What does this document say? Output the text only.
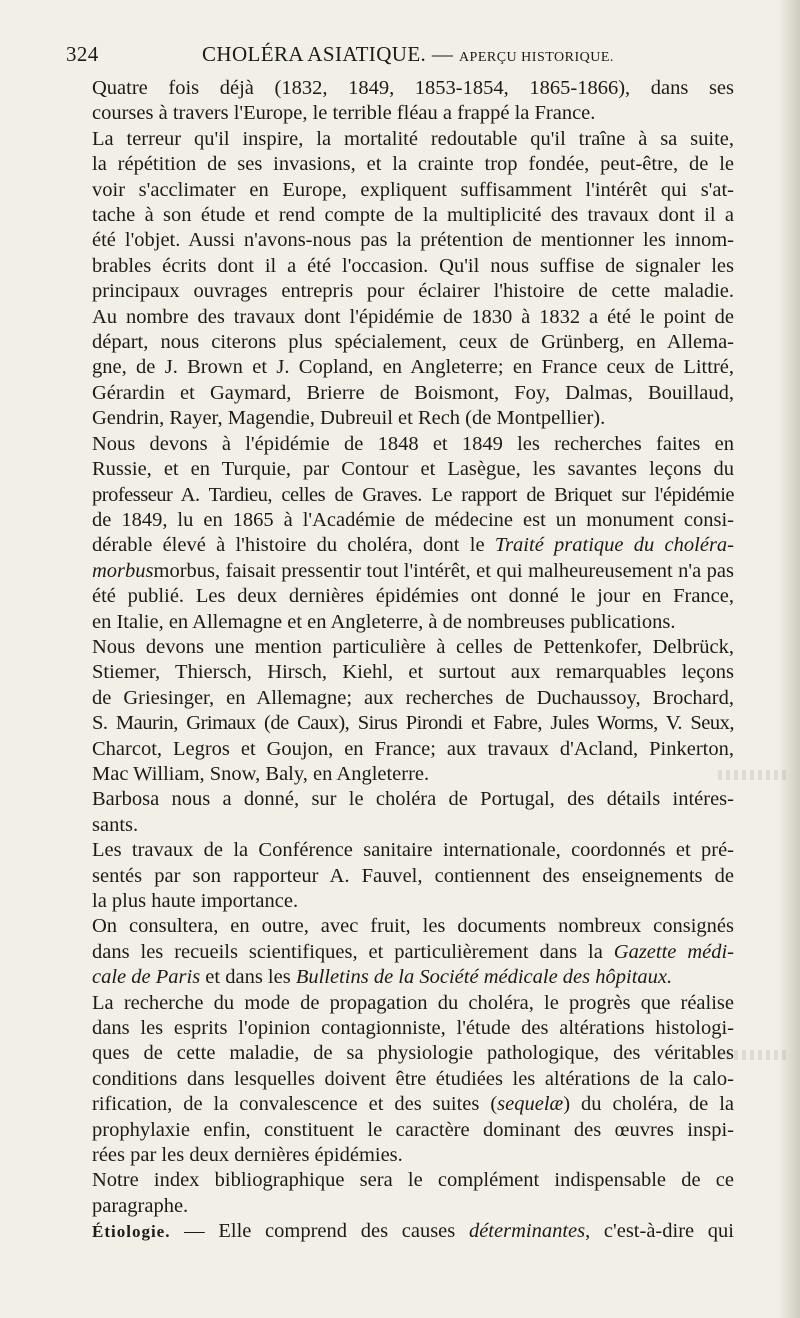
324	CHOLÉRA ASIATIQUE. — APERÇU HISTORIQUE.

Quatre fois déjà (1832, 1849, 1853-1854, 1865-1866), dans ses
courses à travers l'Europe, le terrible fléau a frappé la France.

La terreur qu'il inspire, la mortalité redoutable qu'il traîne à sa suite,
la répétition de ses invasions, et la crainte trop fondée, peut-être, de le
voir s'acclimater en Europe, expliquent suffisamment l'intérêt qui s'at-
tache à son étude et rend compte de la multiplicité des travaux dont il a
été l'objet. Aussi n'avons-nous pas la prétention de mentionner les innom-
brables écrits dont il a été l'occasion. Qu'il nous suffise de signaler les
principaux ouvrages entrepris pour éclairer l'histoire de cette maladie.
Au nombre des travaux dont l'épidémie de 1830 à 1832 a été le point de
départ, nous citerons plus spécialement, ceux de Grünberg, en Allema-
gne, de J. Brown et J. Copland, en Angleterre; en France ceux de Littré,
Gérardin et Gaymard, Brierre de Boismont, Foy, Dalmas, Bouillaud,
Gendrin, Rayer, Magendie, Dubreuil et Rech (de Montpellier).

Nous devons à l'épidémie de 1848 et 1849 les recherches faites en
Russie, et en Turquie, par Contour et Lasègue, les savantes leçons du
professeur A. Tardieu, celles de Graves. Le rapport de Briquet sur l'épidémie
de 1849, lu en 1865 à l'Académie de médecine est un monument consi-
dérable élevé à l'histoire du choléra, dont le Traité pratique du choléra-
morbusmorbus, faisait pressentir tout l'intérêt, et qui malheureusement n'a pas
été publié. Les deux dernières épidémies ont donné le jour en France,
en Italie, en Allemagne et en Angleterre, à de nombreuses publications.

Nous devons une mention particulière à celles de Pettenkofer, Delbrück,
Stiemer, Thiersch, Hirsch, Kiehl, et surtout aux remarquables leçons
de Griesinger, en Allemagne; aux recherches de Duchaussoy, Brochard,
S. Maurin, Grimaux (de Caux), Sirus Pirondi et Fabre, Jules Worms, V. Seux,
Charcot, Legros et Goujon, en France; aux travaux d'Acland, Pinkerton,
Mac William, Snow, Baly, en Angleterre.

Barbosa nous a donné, sur le choléra de Portugal, des détails intéres-
sants.

Les travaux de la Conférence sanitaire internationale, coordonnés et pré-
sentés par son rapporteur A. Fauvel, contiennent des enseignements de
la plus haute importance.

On consultera, en outre, avec fruit, les documents nombreux consignés
dans les recueils scientifiques, et particulièrement dans la Gazette médi-
cale de Paris et dans les Bulletins de la Société médicale des hôpitaux.

La recherche du mode de propagation du choléra, le progrès que réalise
dans les esprits l'opinion contagionniste, l'étude des altérations histologi-
ques de cette maladie, de sa physiologie pathologique, des véritables
conditions dans lesquelles doivent être étudiées les altérations de la calo-
rification, de la convalescence et des suites (sequelæ) du choléra, de la
prophylaxie enfin, constituent le caractère dominant des œuvres inspi-
rées par les deux dernières épidémies.

Notre index bibliographique sera le complément indispensable de ce
paragraphe.

Étiologie. — Elle comprend des causes déterminantes, c'est-à-dire qui
